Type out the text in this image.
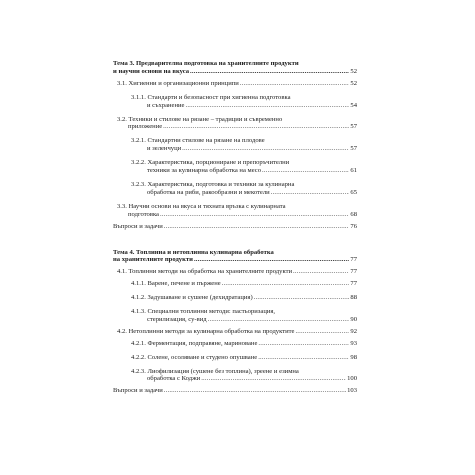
Тема 3. Предварителна подготовка на хранителните продукти
и научни основи на вкуса .....	52
3.1. Хигиенни и организационни принципи .....	52
3.1.1. Стандарти и безопасност при хигиенна подготовка
и съхранение .....	54
3.2. Техники и стилове на рязане – традиции и съвременно
приложение .....	57
3.2.1. Стандартни стилове на рязане на плодове
и зеленчуци .....	57
3.2.2. Характеристика, порциониране и препоръчителни
техники за кулинарна обработка на месо .....	61
3.2.3. Характеристика, подготовка и техники за кулинарна
обработка на риби, ракообразни и мекотели .....	65
3.3. Научни основи на вкуса и тяхната връзка с кулинарната
подготовка .....	68
Въпроси и задачи .....	76
Тема 4. Топлинна и нетоплинна кулинарна обработка
на хранителните продукти .....	77
4.1. Топлинни методи на обработка на хранителните продукти .....	77
4.1.1. Варене, печене и пържене .....	77
4.1.2. Задушаване и сушене (дехидратация) .....	88
4.1.3. Специални топлинни методи: пастьоризация,
стерилизация, су-вид .....	90
4.2. Нетоплинни методи за кулинарна обработка на продуктите .....	92
4.2.1. Ферментация, подправяне, мариноване .....	93
4.2.2. Солене, осоляване и студено опушване .....	98
4.2.3. Лиофилизация (сушене без топлина), зреене и езимна
обработка с Коджи .....	100
Въпроси и задачи .....	103
